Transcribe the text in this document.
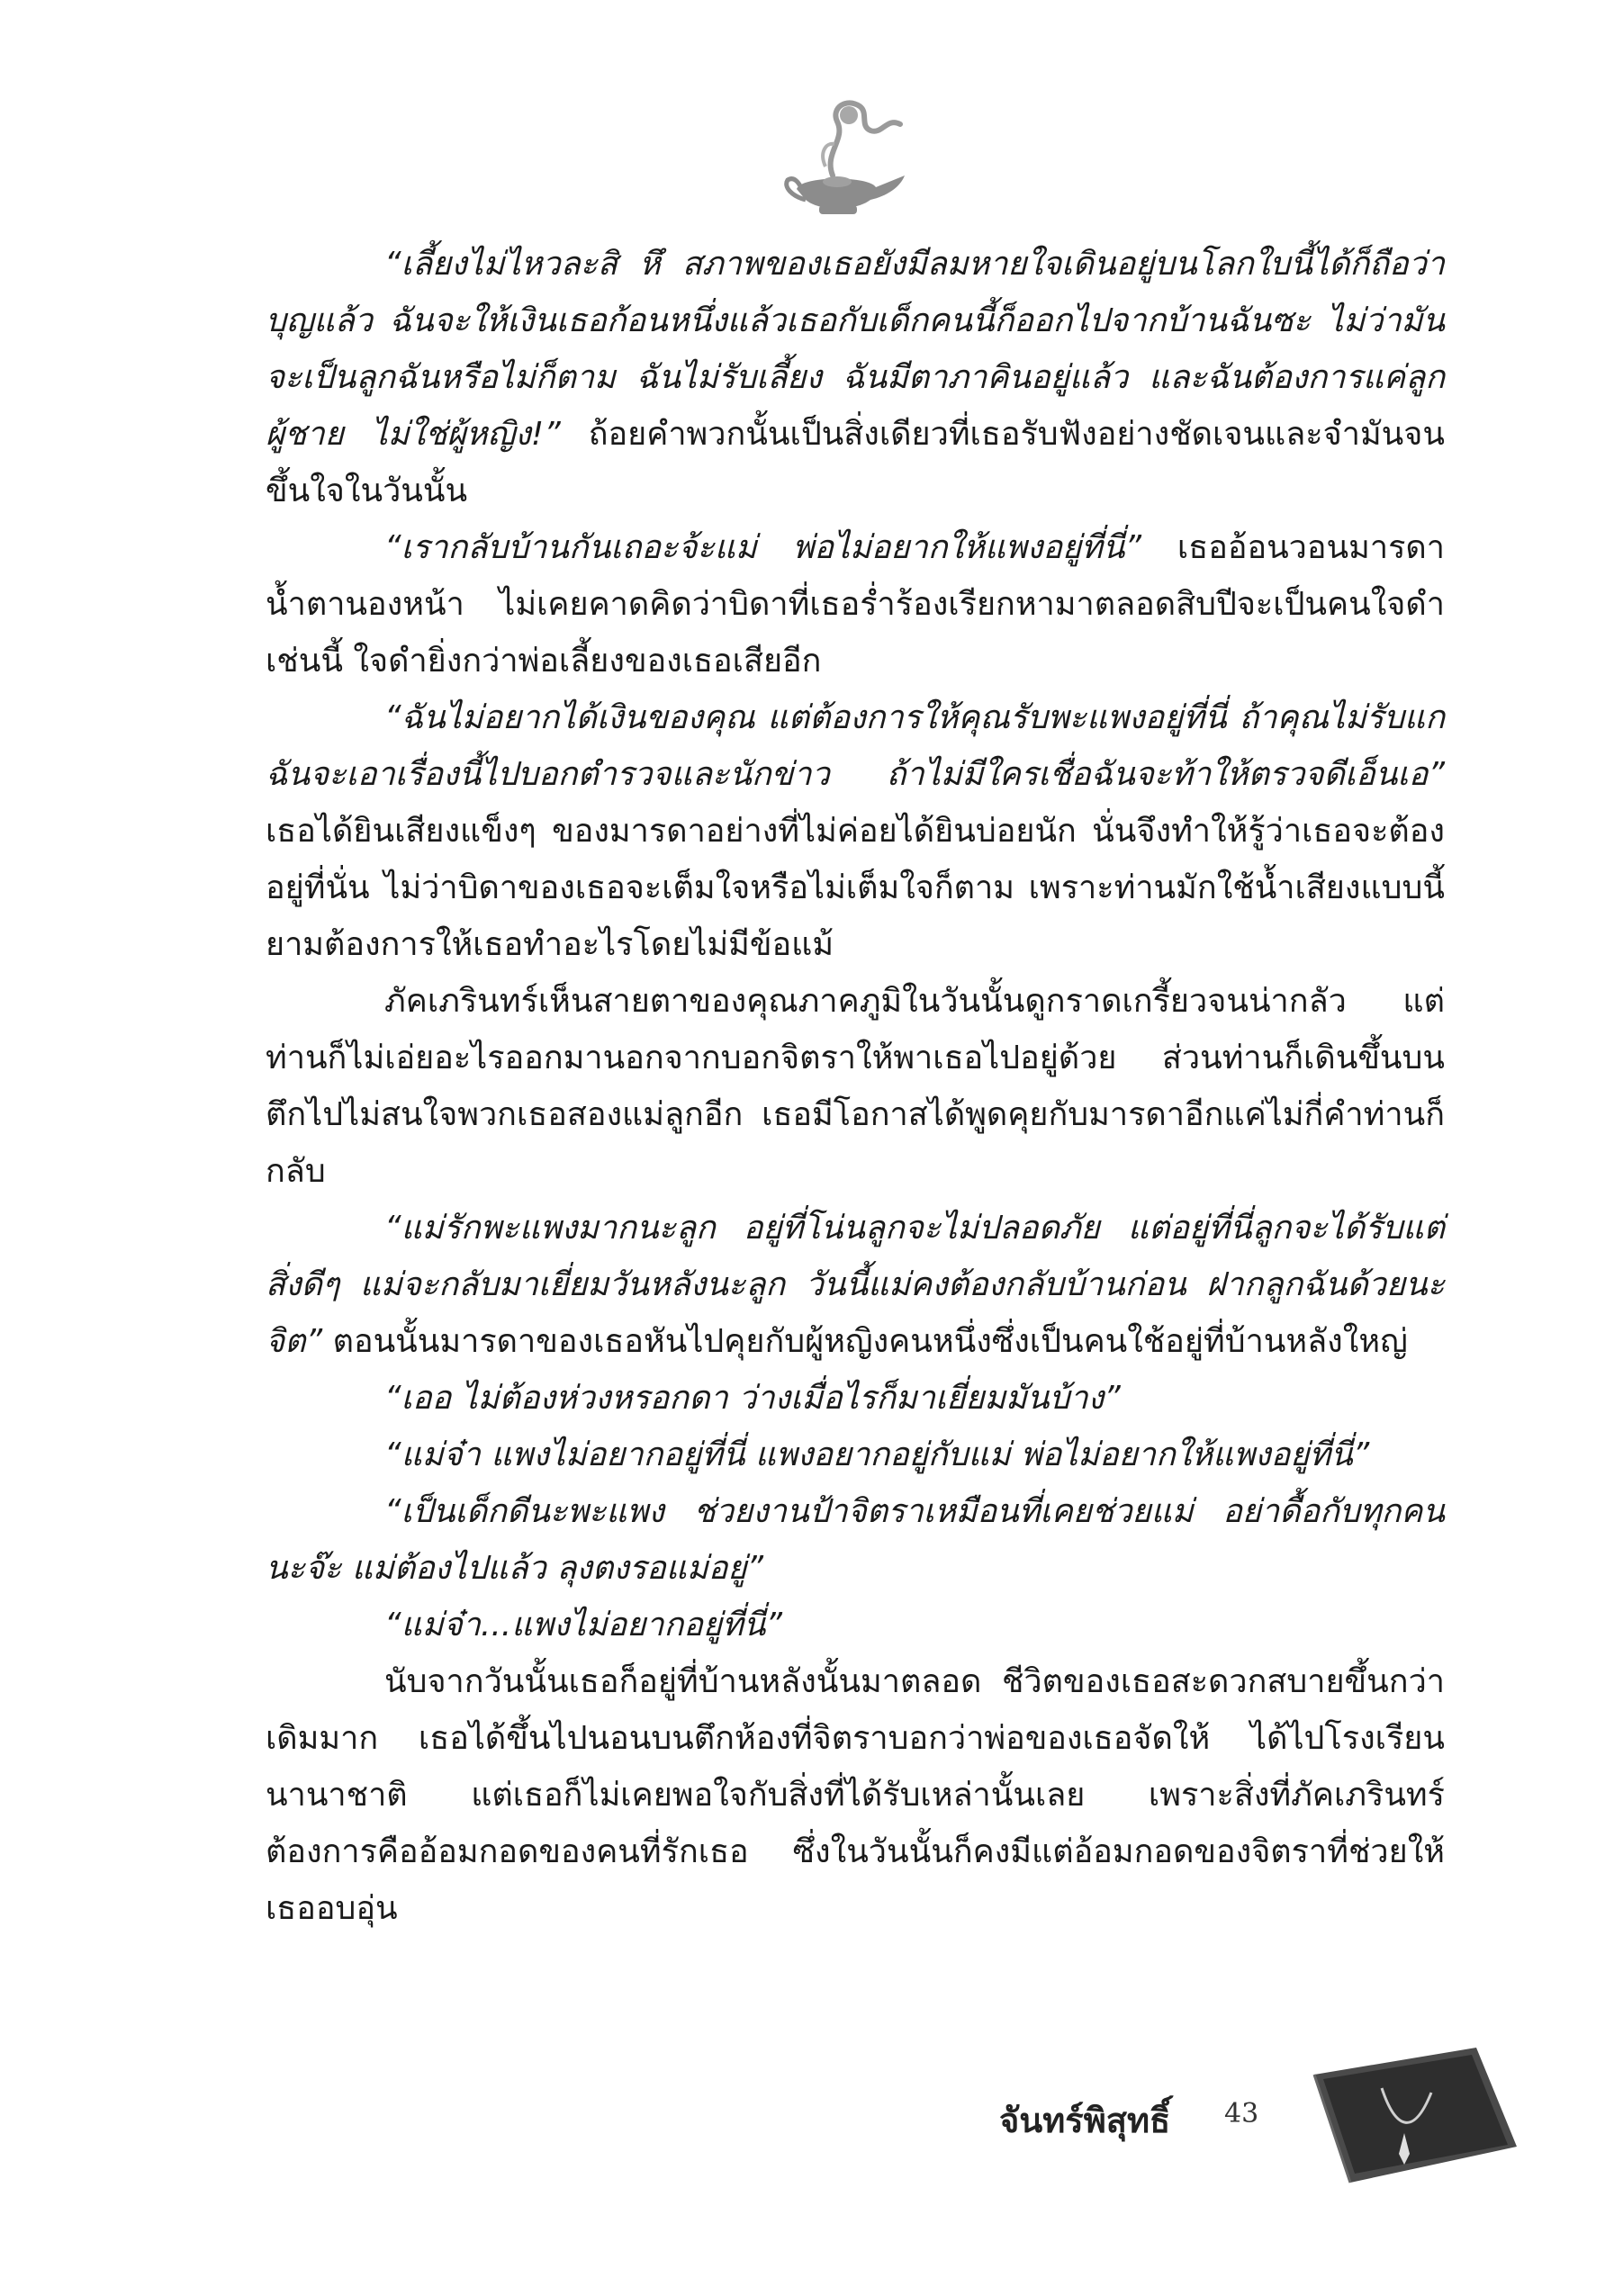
“เลี้ยงไม่ไหวละสิ หึ สภาพของเธอยังมีลมหายใจเดินอยู่บนโลกใบนี้ได้ก็ถือว่าบุญแล้ว ฉันจะให้เงินเธอก้อนหนึ่งแล้วเธอกับเด็กคนนี้ก็ออกไปจากบ้านฉันซะ ไม่ว่ามันจะเป็นลูกฉันหรือไม่ก็ตาม ฉันไม่รับเลี้ยง ฉันมีตาภาคินอยู่แล้ว และฉันต้องการแค่ลูกผู้ชาย ไม่ใช่ผู้หญิง!” ถ้อยคำพวกนั้นเป็นสิ่งเดียวที่เธอรับฟังอย่างชัดเจนและจำมันจนขึ้นใจในวันนั้น

“เรากลับบ้านกันเถอะจ้ะแม่ พ่อไม่อยากให้แพงอยู่ที่นี่” เธออ้อนวอนมารดาน้ำตานองหน้า ไม่เคยคาดคิดว่าบิดาที่เธอร่ำร้องเรียกหามาตลอดสิบปีจะเป็นคนใจดำเช่นนี้ ใจดำยิ่งกว่าพ่อเลี้ยงของเธอเสียอีก

“ฉันไม่อยากได้เงินของคุณ แต่ต้องการให้คุณรับพะแพงอยู่ที่นี่ ถ้าคุณไม่รับแก ฉันจะเอาเรื่องนี้ไปบอกตำรวจและนักข่าว ถ้าไม่มีใครเชื่อฉันจะท้าให้ตรวจดีเอ็นเอ” เธอได้ยินเสียงแข็งๆ ของมารดาอย่างที่ไม่ค่อยได้ยินบ่อยนัก นั่นจึงทำให้รู้ว่าเธอจะต้องอยู่ที่นั่น ไม่ว่าบิดาของเธอจะเต็มใจหรือไม่เต็มใจก็ตาม เพราะท่านมักใช้น้ำเสียงแบบนี้ยามต้องการให้เธอทำอะไรโดยไม่มีข้อแม้

ภัคเภรินทร์เห็นสายตาของคุณภาคภูมิในวันนั้นดูกราดเกรี้ยวจนน่ากลัว แต่ท่านก็ไม่เอ่ยอะไรออกมานอกจากบอกจิตราให้พาเธอไปอยู่ด้วย ส่วนท่านก็เดินขึ้นบนตึกไปไม่สนใจพวกเธอสองแม่ลูกอีก เธอมีโอกาสได้พูดคุยกับมารดาอีกแค่ไม่กี่คำท่านก็กลับ

“แม่รักพะแพงมากนะลูก อยู่ที่โน่นลูกจะไม่ปลอดภัย แต่อยู่ที่นี่ลูกจะได้รับแต่สิ่งดีๆ แม่จะกลับมาเยี่ยมวันหลังนะลูก วันนี้แม่คงต้องกลับบ้านก่อน ฝากลูกฉันด้วยนะจิต” ตอนนั้นมารดาของเธอหันไปคุยกับผู้หญิงคนหนึ่งซึ่งเป็นคนใช้อยู่ที่บ้านหลังใหญ่

“เออ ไม่ต้องห่วงหรอกดา ว่างเมื่อไรก็มาเยี่ยมมันบ้าง”

“แม่จ๋า แพงไม่อยากอยู่ที่นี่ แพงอยากอยู่กับแม่ พ่อไม่อยากให้แพงอยู่ที่นี่”

“เป็นเด็กดีนะพะแพง ช่วยงานป้าจิตราเหมือนที่เคยช่วยแม่ อย่าดื้อกับทุกคนนะจ๊ะ แม่ต้องไปแล้ว ลุงตงรอแม่อยู่”

“แม่จ๋า...แพงไม่อยากอยู่ที่นี่”

นับจากวันนั้นเธอก็อยู่ที่บ้านหลังนั้นมาตลอด ชีวิตของเธอสะดวกสบายขึ้นกว่าเดิมมาก เธอได้ขึ้นไปนอนบนตึกห้องที่จิตราบอกว่าพ่อของเธอจัดให้ ได้ไปโรงเรียนนานาชาติ แต่เธอก็ไม่เคยพอใจกับสิ่งที่ได้รับเหล่านั้นเลย เพราะสิ่งที่ภัคเภรินทร์ต้องการคืออ้อมกอดของคนที่รักเธอ ซึ่งในวันนั้นก็คงมีแต่อ้อมกอดของจิตราที่ช่วยให้เธออบอุ่น

จันทร์พิสุทธิ์ 43
